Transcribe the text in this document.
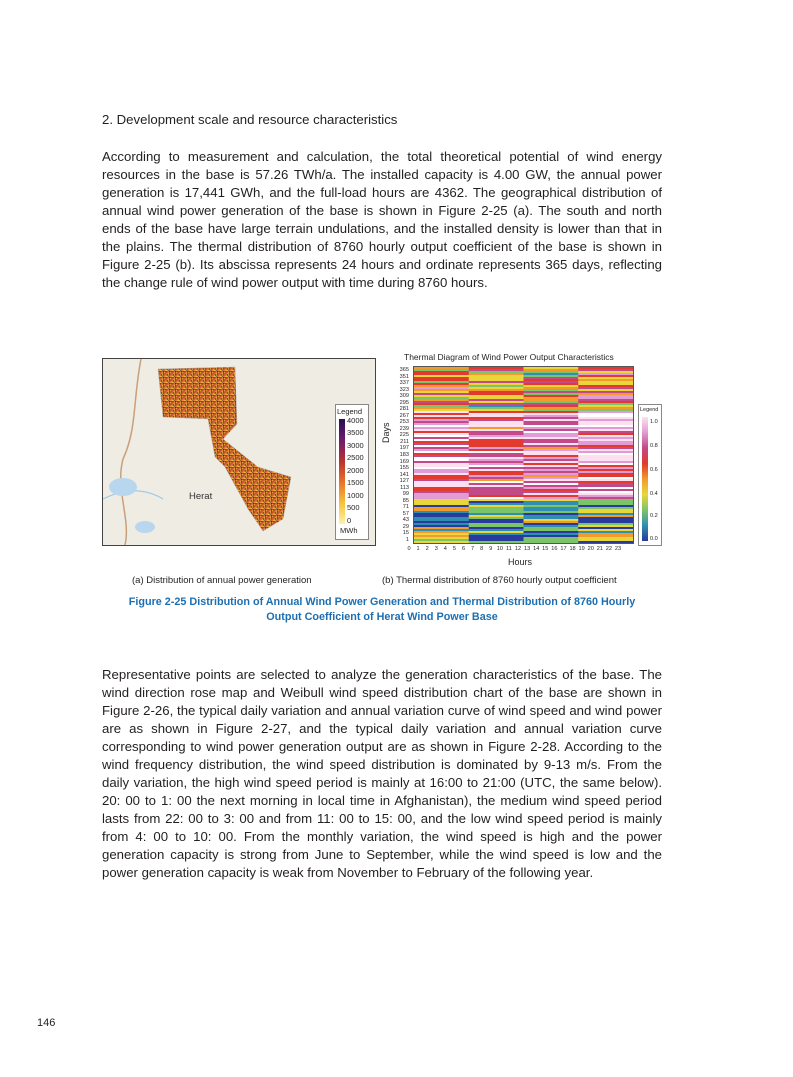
2. Development scale and resource characteristics

According to measurement and calculation, the total theoretical potential of wind energy resources in the base is 57.26 TWh/a. The installed capacity is 4.00 GW, the annual power generation is 17,441 GWh, and the full-load hours are 4362. The geographical distribution of annual wind power generation of the base is shown in Figure 2-25 (a). The south and north ends of the base have large terrain undulations, and the installed density is lower than that in the plains. The thermal distribution of 8760 hourly output coefficient of the base is shown in Figure 2-25 (b). Its abscissa represents 24 hours and ordinate represents 365 days, reflecting the change rule of wind power output with time during 8760 hours.

Herat
Legend
4000
3500
3000
2500
2000
1500
1000
500
0
MWh
Thermal Diagram of Wind Power Output Characteristics
Days
365
351
337
323
309
295
281
267
253
239
225
211
197
183
169
155
141
127
113
99
85
71
57
43
29
15
1
0	1	2	3	4	5	6	7	8	9 10 11 12 13 14 15 16 17 18 19 20 21 22 23
Hours
Legend
1.0
0.8
0.6
0.4
0.2
0.0
(a) Distribution of annual power generation	(b) Thermal distribution of 8760 hourly output coefficient
Figure 2-25 Distribution of Annual Wind Power Generation and Thermal Distribution of 8760 Hourly
Output Coefficient of Herat Wind Power Base

Representative points are selected to analyze the generation characteristics of the base. The wind direction rose map and Weibull wind speed distribution chart of the base are shown in Figure 2-26, the typical daily variation and annual variation curve of wind speed and wind power are as shown in Figure 2-27, and the typical daily variation and annual variation curve corresponding to wind power generation output are as shown in Figure 2-28. According to the wind frequency distribution, the wind speed distribution is dominated by 9-13 m/s. From the daily variation, the high wind speed period is mainly at 16:00 to 21:00 (UTC, the same below). 20: 00 to 1: 00 the next morning in local time in Afghanistan), the medium wind speed period lasts from 22: 00 to 3: 00 and from 11: 00 to 15: 00, and the low wind speed period is mainly from 4: 00 to 10: 00. From the monthly variation, the wind speed is high and the power generation capacity is strong from June to September, while the wind speed is low and the power generation capacity is weak from November to February of the following year.

146
